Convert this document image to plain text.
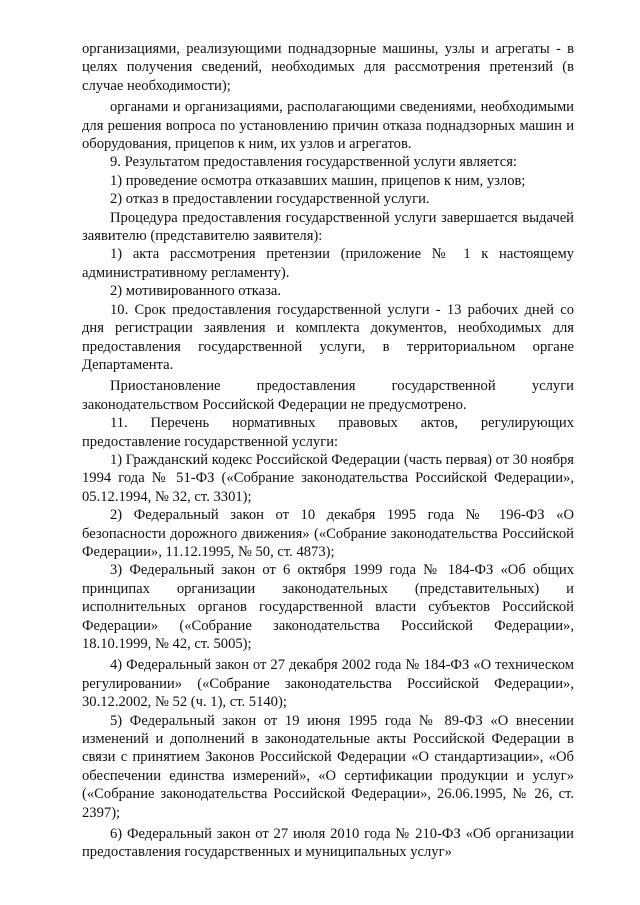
организациями, реализующими поднадзорные машины, узлы и агрегаты - в целях получения сведений, необходимых для рассмотрения претензий (в случае необходимости);

органами и организациями, располагающими сведениями, необходимыми для решения вопроса по установлению причин отказа поднадзорных машин и оборудования, прицепов к ним, их узлов и агрегатов.

9. Результатом предоставления государственной услуги является:

1) проведение осмотра отказавших машин, прицепов к ним, узлов;

2) отказ в предоставлении государственной услуги.

Процедура предоставления государственной услуги завершается выдачей заявителю (представителю заявителя):

1) акта рассмотрения претензии (приложение № 1 к настоящему административному регламенту).

2) мотивированного отказа.

10. Срок предоставления государственной услуги - 13 рабочих дней со дня регистрации заявления и комплекта документов, необходимых для предоставления государственной услуги, в территориальном органе Департамента.

Приостановление предоставления государственной услуги законодательством Российской Федерации не предусмотрено.

11. Перечень нормативных правовых актов, регулирующих предоставление государственной услуги:

1) Гражданский кодекс Российской Федерации (часть первая) от 30 ноября 1994 года № 51-ФЗ («Собрание законодательства Российской Федерации», 05.12.1994, № 32, ст. 3301);

2) Федеральный закон от 10 декабря 1995 года № 196-ФЗ «О безопасности дорожного движения» («Собрание законодательства Российской Федерации», 11.12.1995, № 50, ст. 4873);

3) Федеральный закон от 6 октября 1999 года № 184-ФЗ «Об общих принципах организации законодательных (представительных) и исполнительных органов государственной власти субъектов Российской Федерации» («Собрание законодательства Российской Федерации», 18.10.1999, № 42, ст. 5005);

4) Федеральный закон от 27 декабря 2002 года № 184-ФЗ «О техническом регулировании» («Собрание законодательства Российской Федерации», 30.12.2002, № 52 (ч. 1), ст. 5140);

5) Федеральный закон от 19 июня 1995 года № 89-ФЗ «О внесении изменений и дополнений в законодательные акты Российской Федерации в связи с принятием Законов Российской Федерации «О стандартизации», «Об обеспечении единства измерений», «О сертификации продукции и услуг» («Собрание законодательства Российской Федерации», 26.06.1995, № 26, ст. 2397);

6) Федеральный закон от 27 июля 2010 года № 210-ФЗ «Об организации предоставления государственных и муниципальных услуг»
